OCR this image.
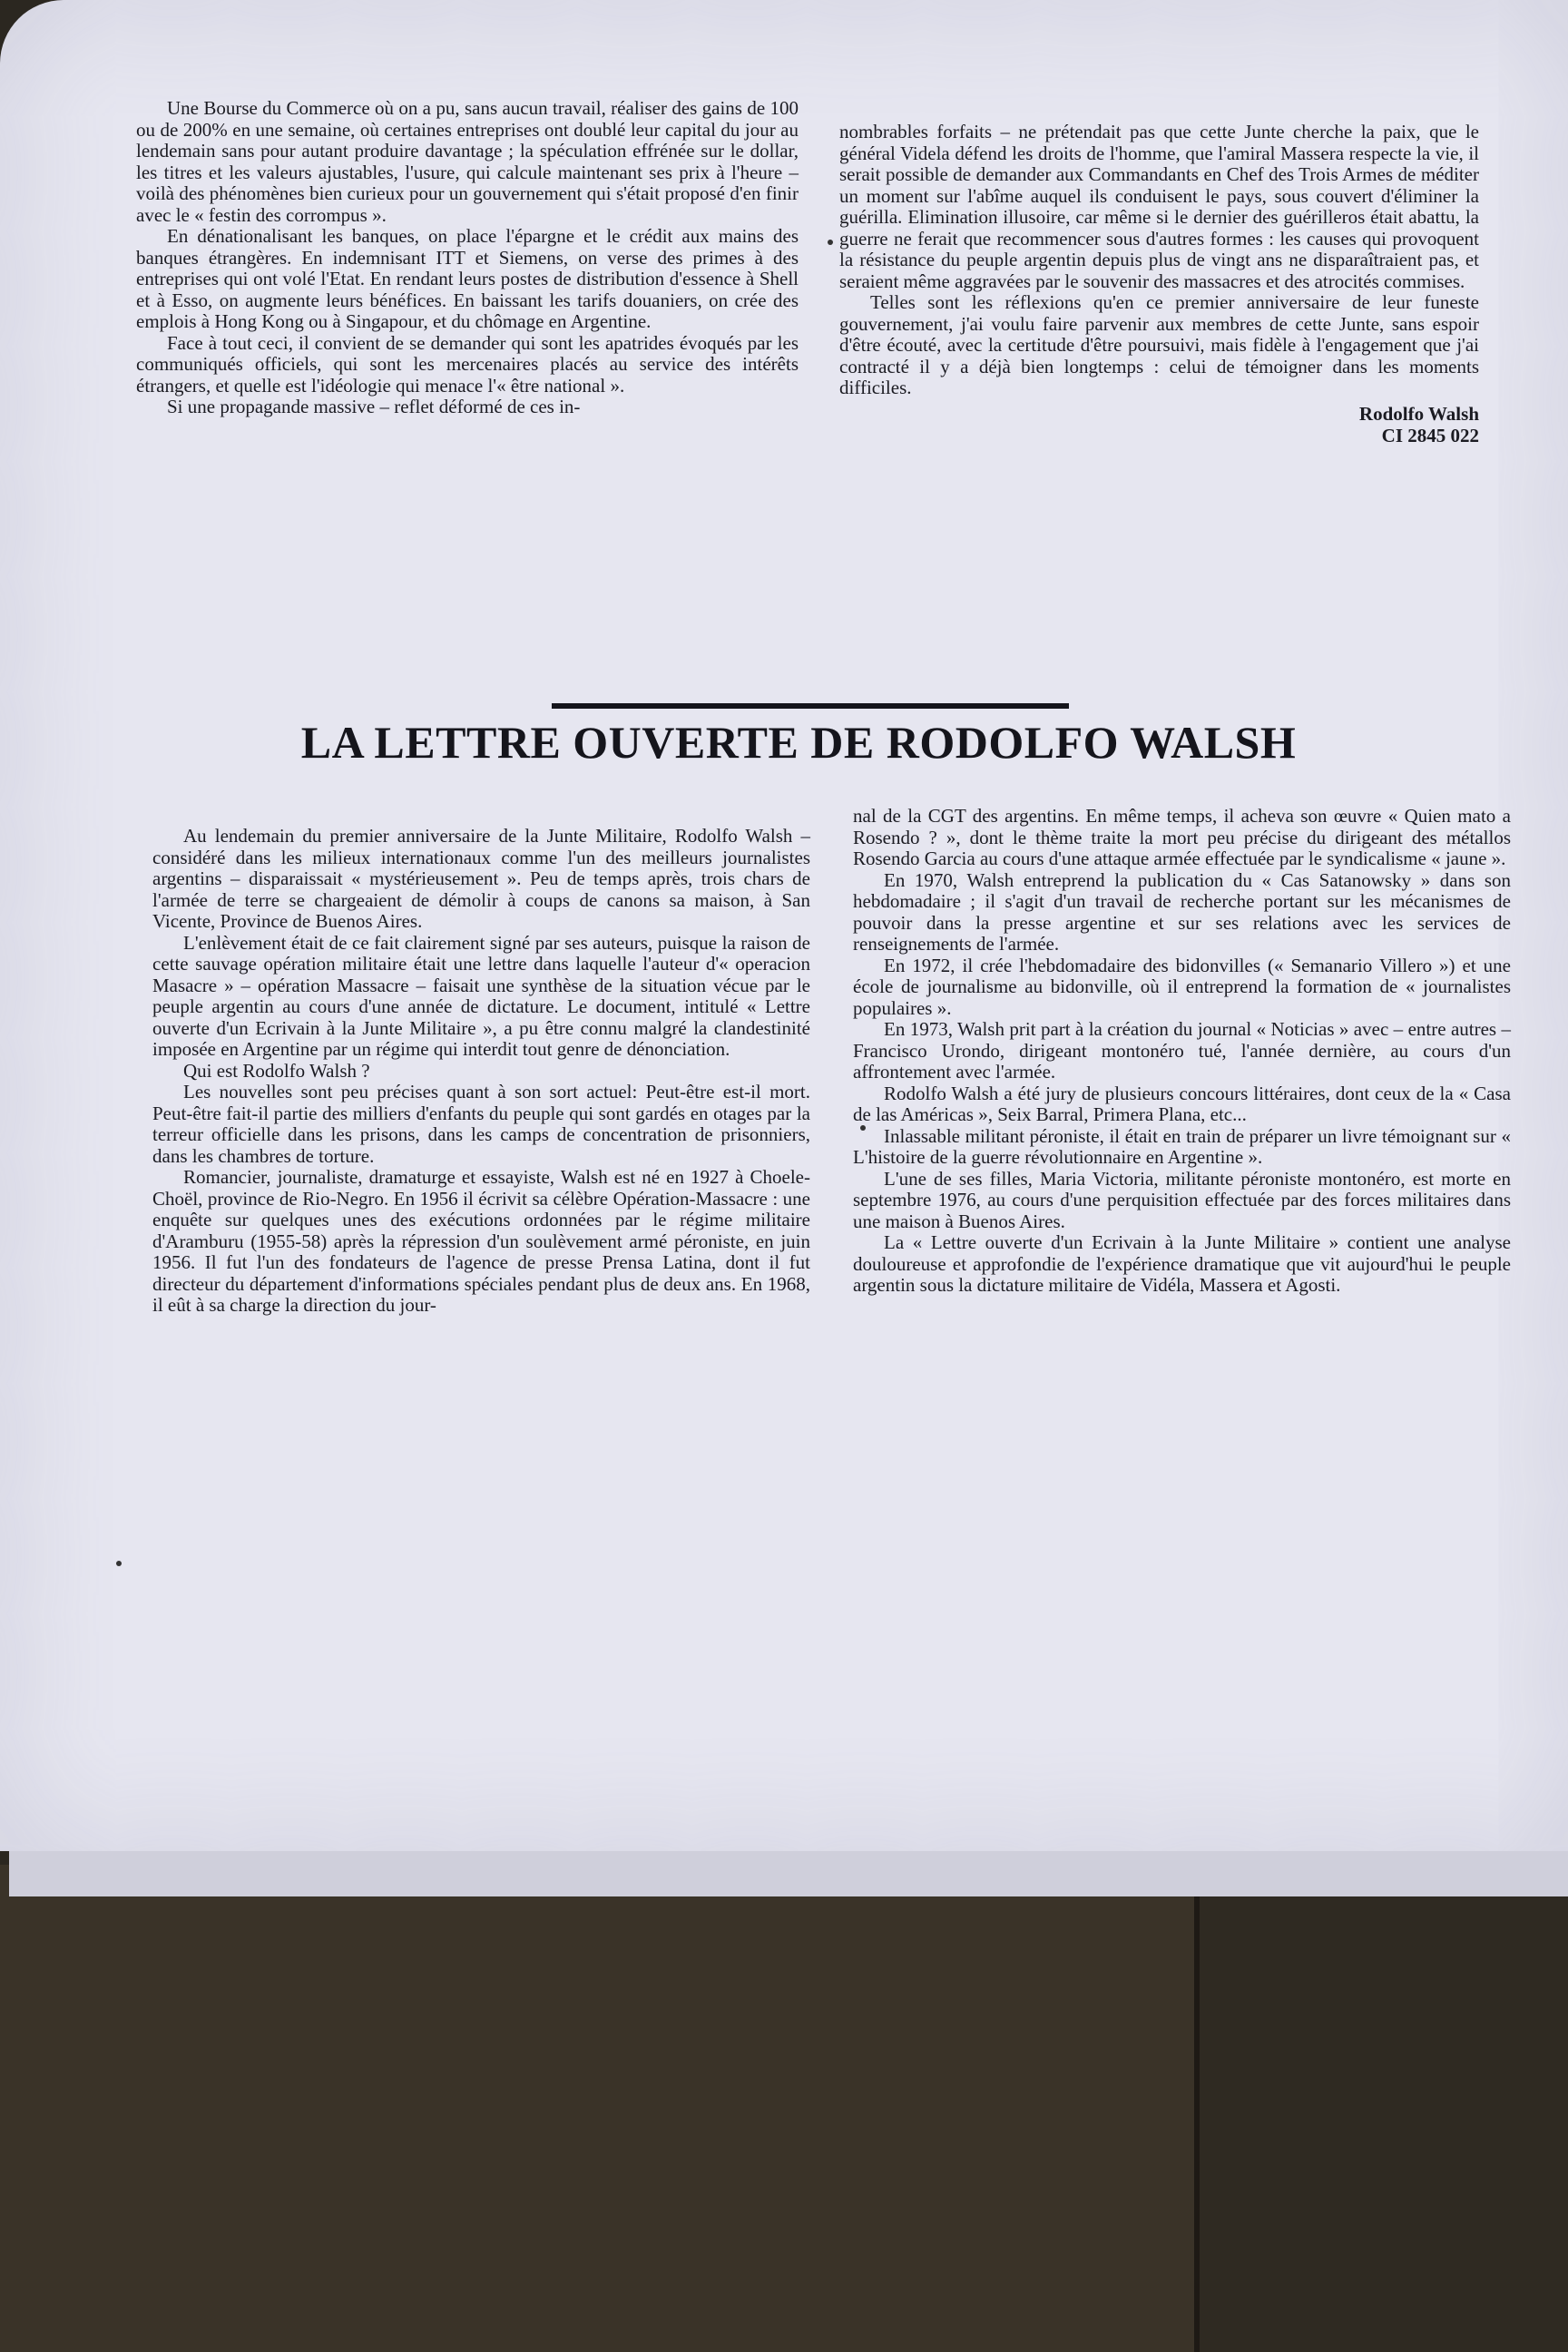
Une Bourse du Commerce où on a pu, sans aucun travail, réaliser des gains de 100 ou de 200% en une semaine, où certaines entreprises ont doublé leur capital du jour au lendemain sans pour autant produire davantage ; la spéculation effrénée sur le dollar, les titres et les valeurs ajustables, l'usure, qui calcule maintenant ses prix à l'heure – voilà des phénomènes bien curieux pour un gouvernement qui s'était proposé d'en finir avec le « festin des corrompus ».

En dénationalisant les banques, on place l'épargne et le crédit aux mains des banques étrangères. En indemnisant ITT et Siemens, on verse des primes à des entreprises qui ont volé l'Etat. En rendant leurs postes de distribution d'essence à Shell et à Esso, on augmente leurs bénéfices. En baissant les tarifs douaniers, on crée des emplois à Hong Kong ou à Singapour, et du chômage en Argentine.

Face à tout ceci, il convient de se demander qui sont les apatrides évoqués par les communiqués officiels, qui sont les mercenaires placés au service des intérêts étrangers, et quelle est l'idéologie qui menace l'« être national ».

Si une propagande massive – reflet déformé de ces in-

nombrables forfaits – ne prétendait pas que cette Junte cherche la paix, que le général Videla défend les droits de l'homme, que l'amiral Massera respecte la vie, il serait possible de demander aux Commandants en Chef des Trois Armes de méditer un moment sur l'abîme auquel ils conduisent le pays, sous couvert d'éliminer la guérilla. Elimination illusoire, car même si le dernier des guérilleros était abattu, la guerre ne ferait que recommencer sous d'autres formes : les causes qui provoquent la résistance du peuple argentin depuis plus de vingt ans ne disparaîtraient pas, et seraient même aggravées par le souvenir des massacres et des atrocités commises.

Telles sont les réflexions qu'en ce premier anniversaire de leur funeste gouvernement, j'ai voulu faire parvenir aux membres de cette Junte, sans espoir d'être écouté, avec la certitude d'être poursuivi, mais fidèle à l'engagement que j'ai contracté il y a déjà bien longtemps : celui de témoigner dans les moments difficiles.

Rodolfo Walsh
CI 2845 022
LA LETTRE OUVERTE DE RODOLFO WALSH

Au lendemain du premier anniversaire de la Junte Militaire, Rodolfo Walsh – considéré dans les milieux internationaux comme l'un des meilleurs journalistes argentins – disparaissait « mystérieusement ». Peu de temps après, trois chars de l'armée de terre se chargeaient de démolir à coups de canons sa maison, à San Vicente, Province de Buenos Aires.

L'enlèvement était de ce fait clairement signé par ses auteurs, puisque la raison de cette sauvage opération militaire était une lettre dans laquelle l'auteur d'« operacion Masacre » – opération Massacre – faisait une synthèse de la situation vécue par le peuple argentin au cours d'une année de dictature. Le document, intitulé « Lettre ouverte d'un Ecrivain à la Junte Militaire », a pu être connu malgré la clandestinité imposée en Argentine par un régime qui interdit tout genre de dénonciation.

Qui est Rodolfo Walsh ?

Les nouvelles sont peu précises quant à son sort actuel: Peut-être est-il mort. Peut-être fait-il partie des milliers d'enfants du peuple qui sont gardés en otages par la terreur officielle dans les prisons, dans les camps de concentration de prisonniers, dans les chambres de torture.

Romancier, journaliste, dramaturge et essayiste, Walsh est né en 1927 à Choele-Choël, province de Rio-Negro. En 1956 il écrivit sa célèbre Opération-Massacre : une enquête sur quelques unes des exécutions ordonnées par le régime militaire d'Aramburu (1955-58) après la répression d'un soulèvement armé péroniste, en juin 1956. Il fut l'un des fondateurs de l'agence de presse Prensa Latina, dont il fut directeur du département d'informations spéciales pendant plus de deux ans. En 1968, il eût à sa charge la direction du jour-

nal de la CGT des argentins. En même temps, il acheva son œuvre « Quien mato a Rosendo ? », dont le thème traite la mort peu précise du dirigeant des métallos Rosendo Garcia au cours d'une attaque armée effectuée par le syndicalisme « jaune ».

En 1970, Walsh entreprend la publication du « Cas Satanowsky » dans son hebdomadaire ; il s'agit d'un travail de recherche portant sur les mécanismes de pouvoir dans la presse argentine et sur ses relations avec les services de renseignements de l'armée.

En 1972, il crée l'hebdomadaire des bidonvilles (« Semanario Villero ») et une école de journalisme au bidonville, où il entreprend la formation de « journalistes populaires ».

En 1973, Walsh prit part à la création du journal « Noticias » avec – entre autres – Francisco Urondo, dirigeant montonéro tué, l'année dernière, au cours d'un affrontement avec l'armée.

Rodolfo Walsh a été jury de plusieurs concours littéraires, dont ceux de la « Casa de las Américas », Seix Barral, Primera Plana, etc...

Inlassable militant péroniste, il était en train de préparer un livre témoignant sur « L'histoire de la guerre révolutionnaire en Argentine ».

L'une de ses filles, Maria Victoria, militante péroniste montonéro, est morte en septembre 1976, au cours d'une perquisition effectuée par des forces militaires dans une maison à Buenos Aires.

La « Lettre ouverte d'un Ecrivain à la Junte Militaire » contient une analyse douloureuse et approfondie de l'expérience dramatique que vit aujourd'hui le peuple argentin sous la dictature militaire de Vidéla, Massera et Agosti.
